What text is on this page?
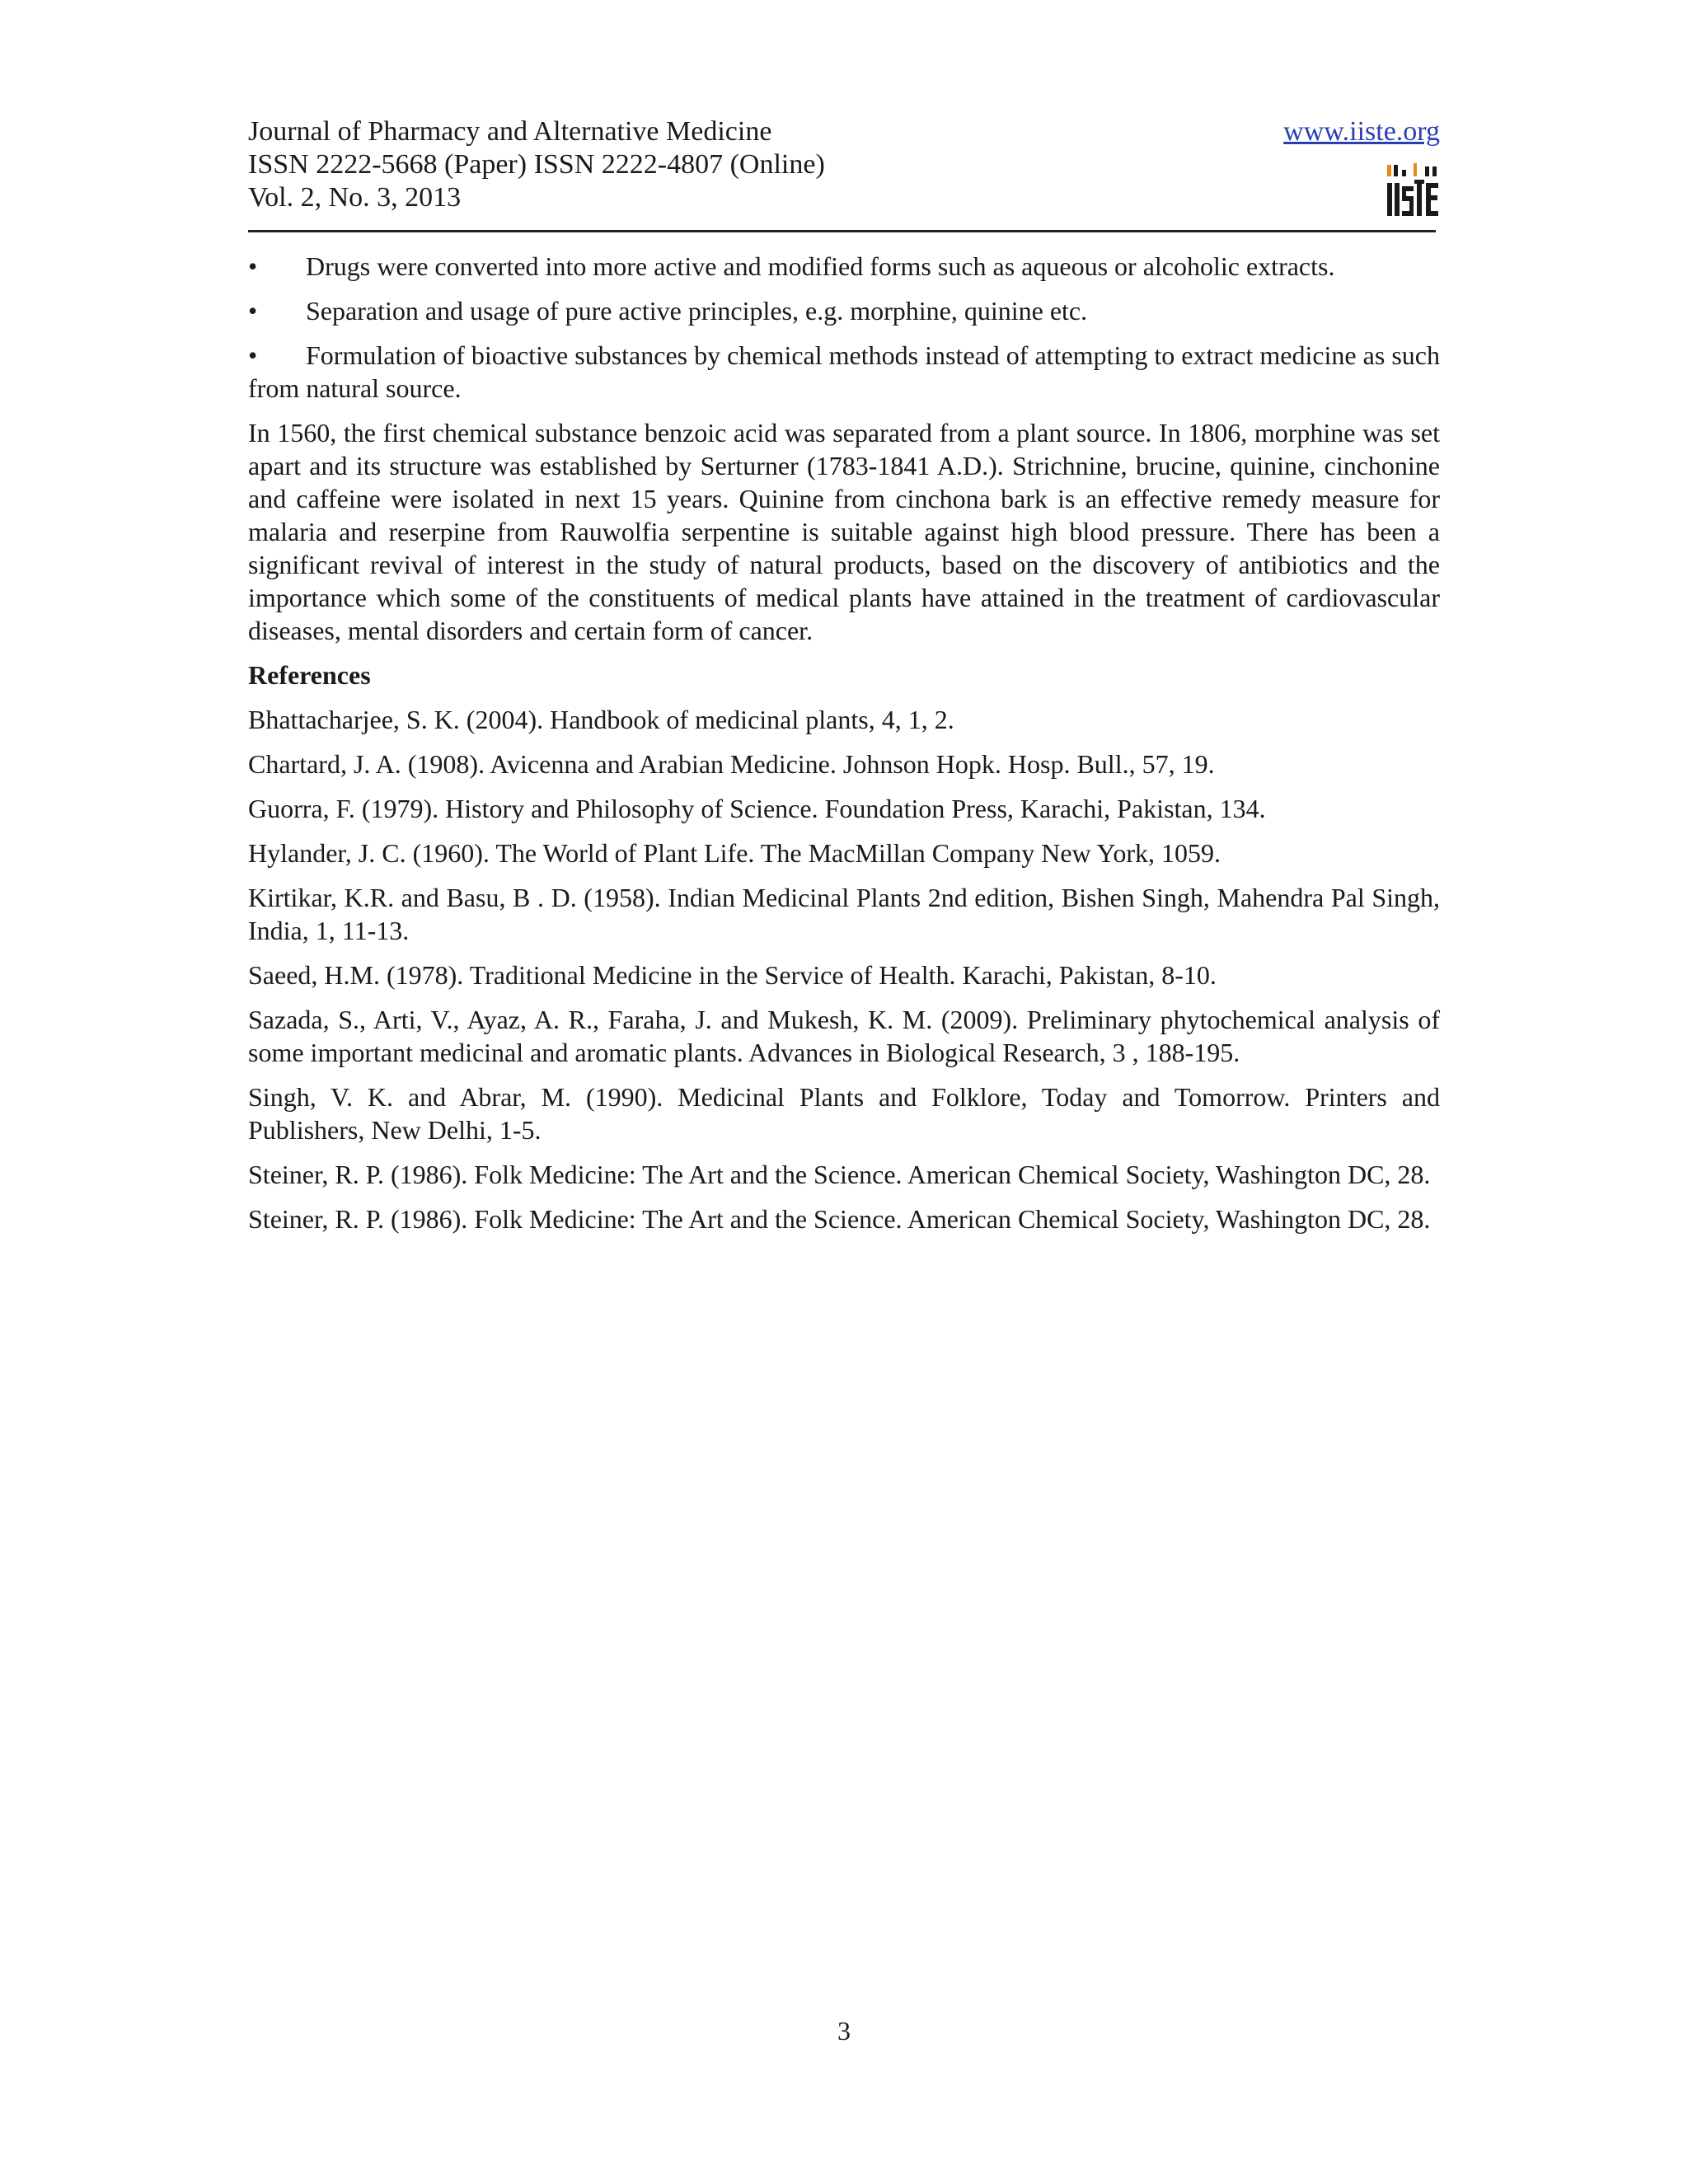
Journal of Pharmacy and Alternative Medicine
ISSN 2222-5668 (Paper) ISSN 2222-4807 (Online)
Vol. 2, No. 3, 2013
www.iiste.org
• Drugs were converted into more active and modified forms such as aqueous or alcoholic extracts.
• Separation and usage of pure active principles, e.g. morphine, quinine etc.
• Formulation of bioactive substances by chemical methods instead of attempting to extract medicine as such from natural source.

In 1560, the first chemical substance benzoic acid was separated from a plant source. In 1806, morphine was set apart and its structure was established by Serturner (1783-1841 A.D.). Strichnine, brucine, quinine, cinchonine and caffeine were isolated in next 15 years. Quinine from cinchona bark is an effective remedy measure for malaria and reserpine from Rauwolfia serpentine is suitable against high blood pressure. There has been a significant revival of interest in the study of natural products, based on the discovery of antibiotics and the importance which some of the constituents of medical plants have attained in the treatment of cardiovascular diseases, mental disorders and certain form of cancer.

References
Bhattacharjee, S. K. (2004). Handbook of medicinal plants, 4, 1, 2.
Chartard, J. A. (1908). Avicenna and Arabian Medicine. Johnson Hopk. Hosp. Bull., 57, 19.
Guorra, F. (1979). History and Philosophy of Science. Foundation Press, Karachi, Pakistan, 134.
Hylander, J. C. (1960). The World of Plant Life. The MacMillan Company New York, 1059.
Kirtikar, K.R. and Basu, B . D. (1958). Indian Medicinal Plants 2nd edition, Bishen Singh, Mahendra Pal Singh, India, 1, 11-13.
Saeed, H.M. (1978). Traditional Medicine in the Service of Health. Karachi, Pakistan, 8-10.
Sazada, S., Arti, V., Ayaz, A. R., Faraha, J. and Mukesh, K. M. (2009). Preliminary phytochemical analysis of some important medicinal and aromatic plants. Advances in Biological Research, 3 , 188-195.
Singh, V. K. and Abrar, M. (1990). Medicinal Plants and Folklore, Today and Tomorrow. Printers and Publishers, New Delhi, 1-5.
Steiner, R. P. (1986). Folk Medicine: The Art and the Science. American Chemical Society, Washington DC, 28.
Steiner, R. P. (1986). Folk Medicine: The Art and the Science. American Chemical Society, Washington DC, 28.
3
